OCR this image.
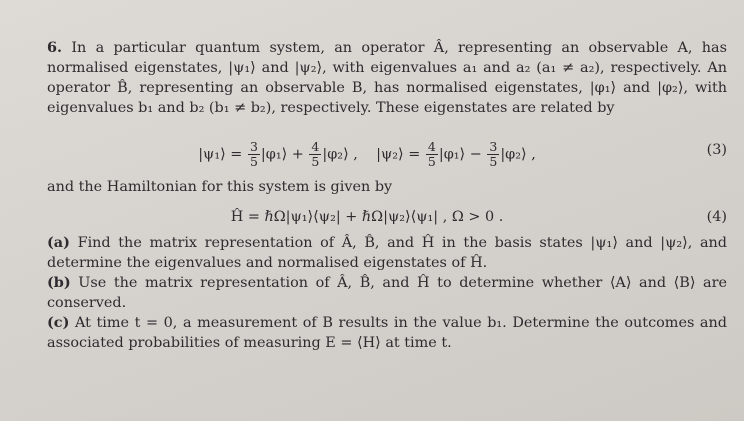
6. In a particular quantum system, an operator Â, representing an observable A, has normalised eigenstates, |ψ₁⟩ and |ψ₂⟩, with eigenvalues a₁ and a₂ (a₁ ≠ a₂), respectively. An operator B̂, representing an observable B, has normalised eigenstates, |φ₁⟩ and |φ₂⟩, with eigenvalues b₁ and b₂ (b₁ ≠ b₂), respectively. These eigenstates are related by

|ψ₁⟩ = $\frac{3}{5}$ |φ₁⟩ + $\frac{4}{5}$ |φ₂⟩ , |ψ₂⟩ = $\frac{4}{5}$ |φ₁⟩ − $\frac{3}{5}$ |φ₂⟩ ,	(3)

and the Hamiltonian for this system is given by

Ĥ = ℏΩ|ψ₁⟩⟨ψ₂| + ℏΩ|ψ₂⟩⟨ψ₁| , Ω > 0 .	(4)

(a) Find the matrix representation of Â, B̂, and Ĥ in the basis states |ψ₁⟩ and |ψ₂⟩, and determine the eigenvalues and normalised eigenstates of Ĥ.

(b) Use the matrix representation of Â, B̂, and Ĥ to determine whether ⟨A⟩ and ⟨B⟩ are conserved.

(c) At time t = 0, a measurement of B results in the value b₁. Determine the outcomes and associated probabilities of measuring E = ⟨H⟩ at time t.
